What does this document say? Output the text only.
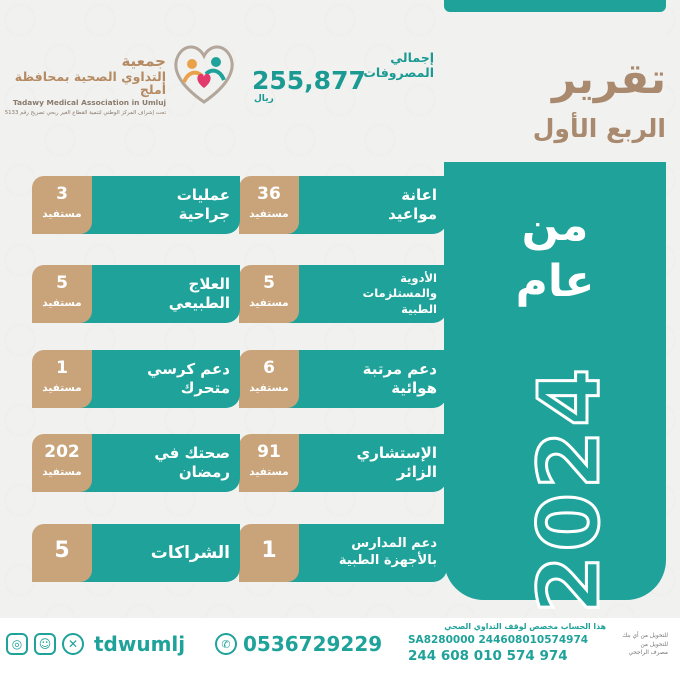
جمعية
التداوي الصحية بمحافظة أملج
Tadawy Medical Association in Umluj
تحت إشراف المركز الوطني لتنمية القطاع الغير ربحي تصريح رقم 5133
إجمالي المصروفات
255,877
ريال	تقرير
الربع الأول
من
عام
2024
36
مستفيد
اعانة
مواعيد
3
مستفيد
عمليات
جراحية
5
مستفيد
الأدوية
والمستلزمات
الطبية
5
مستفيد
العلاج
الطبيعي
6
مستفيد
دعم مرتبة
هوائية
1
مستفيد
دعم كرسي
متحرك
91
مستفيد
الإستشاري
الزائر
202
مستفيد
صحتك في
رمضان
1	دعم المدارس
بالأجهزة الطبية
5	الشراكات
◎	☺	✕ tdwumlj	✆ 0536729229
هذا الحساب مخصص لوقف التداوي الصحي
SA8280000 244608010574974
244 608 010 574 974
للتحويل من أي بنك
للتحويل من
مصرف الراجحي
